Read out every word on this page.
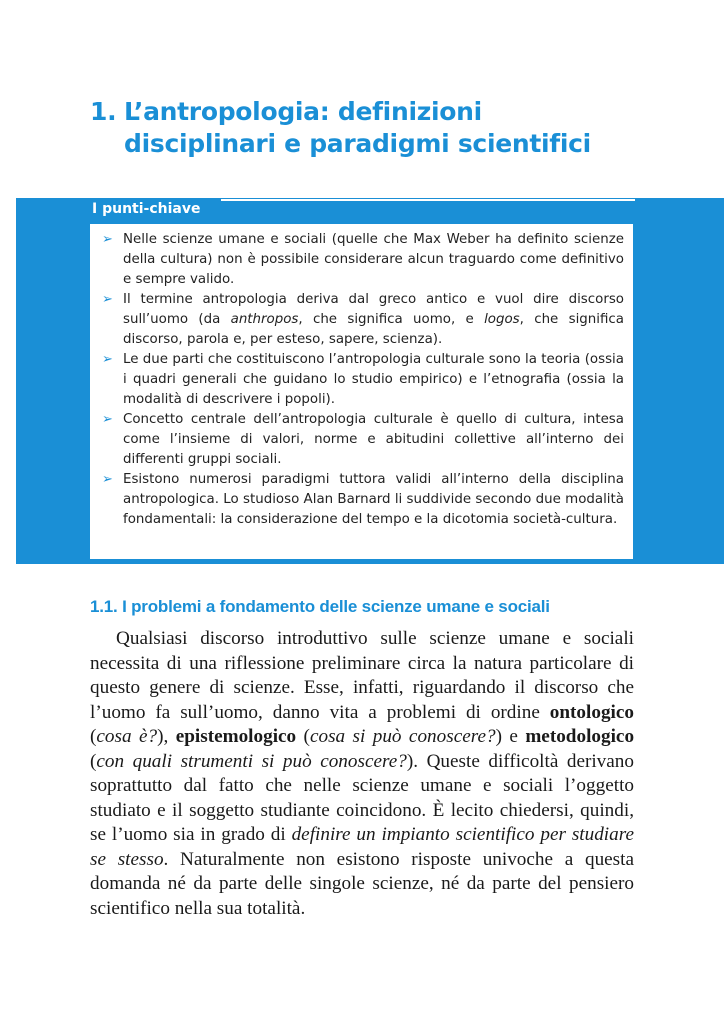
1. L’antropologia: definizioni
disciplinari e paradigmi scientifici
I punti-chiave
➢ Nelle scienze umane e sociali (quelle che Max Weber ha definito scienze della cultura) non è possibile considerare alcun traguardo come definitivo e sempre valido.
➢ Il termine antropologia deriva dal greco antico e vuol dire discorso sull’uomo (da anthropos, che significa uomo, e logos, che significa discorso, parola e, per esteso, sapere, scienza).
➢ Le due parti che costituiscono l’antropologia culturale sono la teoria (ossia i quadri generali che guidano lo studio empirico) e l’etnografia (ossia la modalità di descrivere i popoli).
➢ Concetto centrale dell’antropologia culturale è quello di cultura, intesa come l’insieme di valori, norme e abitudini collettive all’interno dei differenti gruppi sociali.
➢ Esistono numerosi paradigmi tuttora validi all’interno della disciplina antropologica. Lo studioso Alan Barnard li suddivide secondo due modalità fondamentali: la considerazione del tempo e la dicotomia società-cultura.
1.1. I problemi a fondamento delle scienze umane e sociali

Qualsiasi discorso introduttivo sulle scienze umane e sociali necessita di una riflessione preliminare circa la natura particolare di questo genere di scienze. Esse, infatti, riguardando il discorso che l’uomo fa sull’uomo, danno vita a problemi di ordine ontologico (cosa è?), epistemologico (cosa si può conoscere?) e metodologico (con quali strumenti si può conoscere?). Queste difficoltà derivano soprattutto dal fatto che nelle scienze umane e sociali l’oggetto studiato e il soggetto studiante coincidono. È lecito chiedersi, quindi, se l’uomo sia in grado di definire un impianto scientifico per studiare se stesso. Naturalmente non esistono risposte univoche a questa domanda né da parte delle singole scienze, né da parte del pensiero scientifico nella sua totalità.
